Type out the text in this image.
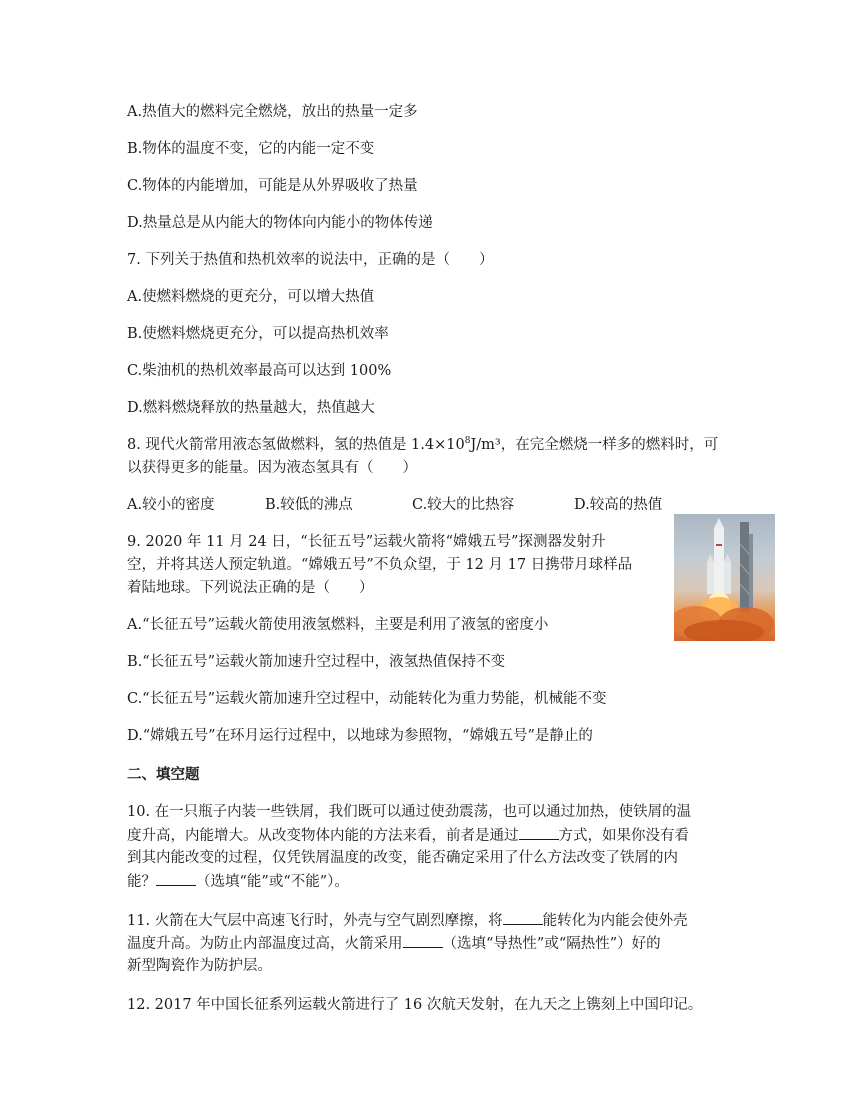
A.热值大的燃料完全燃烧，放出的热量一定多
B.物体的温度不变，它的内能一定不变
C.物体的内能增加，可能是从外界吸收了热量
D.热量总是从内能大的物体向内能小的物体传递
7. 下列关于热值和热机效率的说法中，正确的是（　　）
A.使燃料燃烧的更充分，可以增大热值
B.使燃料燃烧更充分，可以提高热机效率
C.柴油机的热机效率最高可以达到 100%
D.燃料燃烧释放的热量越大，热值越大
8. 现代火箭常用液态氢做燃料，氢的热值是 $1.4\times 10^8J/m^3$，在完全燃烧一样多的燃料时，可
以获得更多的能量。因为液态氢具有（　　）
A.较小的密度	B.较低的沸点	C.较大的比热容	D.较高的热值
9. 2020 年 11 月 24 日，“长征五号”运载火箭将“嫦娥五号”探测器发射升
空，并将其送人预定轨道。“嫦娥五号”不负众望，于 12 月 17 日携带月球样品
着陆地球。下列说法正确的是（　　）
A.“长征五号”运载火箭使用液氢燃料，主要是利用了液氢的密度小
B.“长征五号”运载火箭加速升空过程中，液氢热值保持不变
C.“长征五号”运载火箭加速升空过程中，动能转化为重力势能，机械能不变
D.“嫦娥五号”在环月运行过程中，以地球为参照物，“嫦娥五号”是静止的
二、填空题
10. 在一只瓶子内装一些铁屑，我们既可以通过使劲震荡，也可以通过加热，使铁屑的温
度升高，内能增大。从改变物体内能的方法来看，前者是通过	方式，如果你没有看
到其内能改变的过程，仅凭铁屑温度的改变，能否确定采用了什么方法改变了铁屑的内
能？	（选填“能”或“不能”）。
11. 火箭在大气层中高速飞行时，外壳与空气剧烈摩擦，将	能转化为内能会使外壳
温度升高。为防止内部温度过高，火箭采用	（选填“导热性”或“隔热性”）好的
新型陶瓷作为防护层。
12. 2017 年中国长征系列运载火箭进行了 16 次航天发射，在九天之上镌刻上中国印记。
